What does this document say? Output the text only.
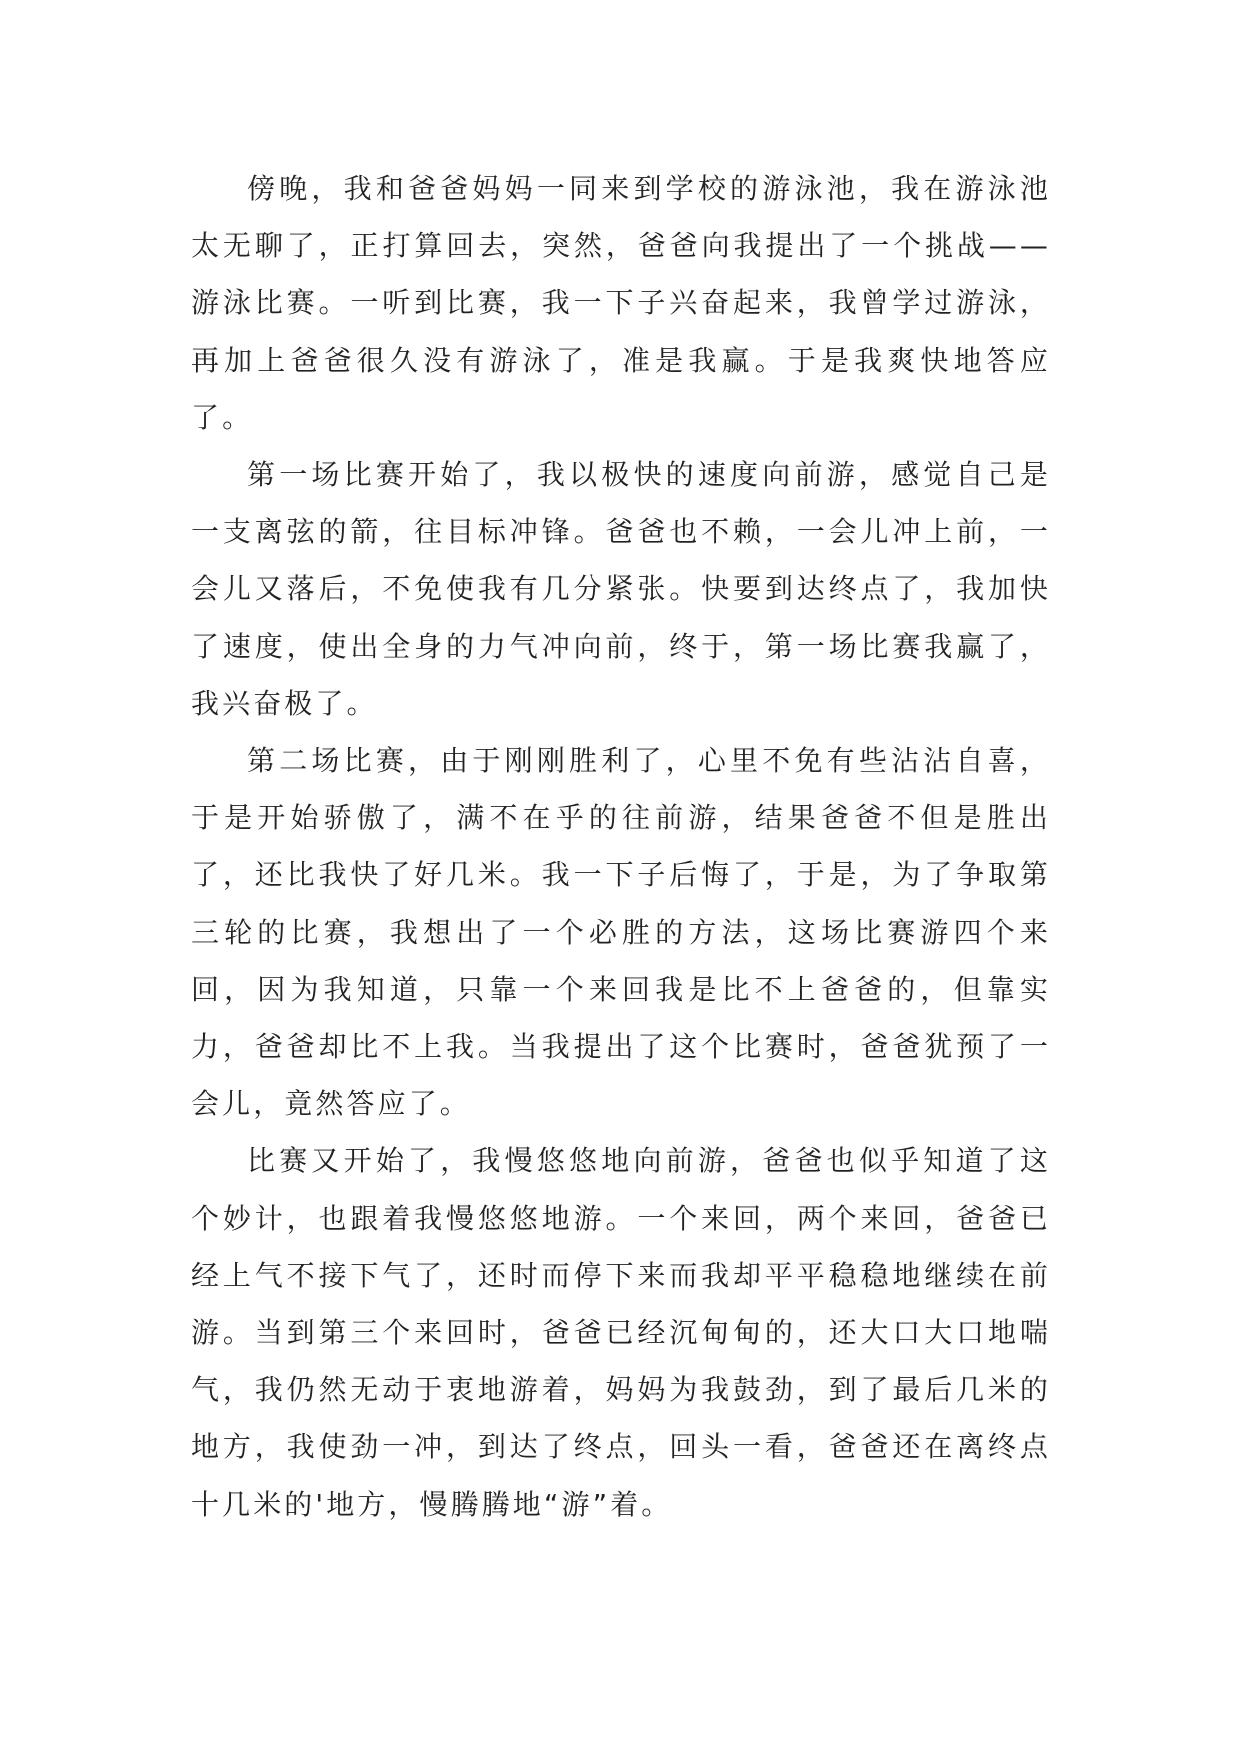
傍晚，我和爸爸妈妈一同来到学校的游泳池，我在游泳池太无聊了，正打算回去，突然，爸爸向我提出了一个挑战——游泳比赛。一听到比赛，我一下子兴奋起来，我曾学过游泳，再加上爸爸很久没有游泳了，准是我赢。于是我爽快地答应了。

第一场比赛开始了，我以极快的速度向前游，感觉自己是一支离弦的箭，往目标冲锋。爸爸也不赖，一会儿冲上前，一会儿又落后，不免使我有几分紧张。快要到达终点了，我加快了速度，使出全身的力气冲向前，终于，第一场比赛我赢了，我兴奋极了。

第二场比赛，由于刚刚胜利了，心里不免有些沾沾自喜，于是开始骄傲了，满不在乎的往前游，结果爸爸不但是胜出了，还比我快了好几米。我一下子后悔了，于是，为了争取第三轮的比赛，我想出了一个必胜的方法，这场比赛游四个来回，因为我知道，只靠一个来回我是比不上爸爸的，但靠实力，爸爸却比不上我。当我提出了这个比赛时，爸爸犹预了一会儿，竟然答应了。

比赛又开始了，我慢悠悠地向前游，爸爸也似乎知道了这个妙计，也跟着我慢悠悠地游。一个来回，两个来回，爸爸已经上气不接下气了，还时而停下来而我却平平稳稳地继续在前游。当到第三个来回时，爸爸已经沉甸甸的，还大口大口地喘气，我仍然无动于衷地游着，妈妈为我鼓劲，到了最后几米的地方，我使劲一冲，到达了终点，回头一看，爸爸还在离终点十几米的'地方，慢腾腾地“游”着。
